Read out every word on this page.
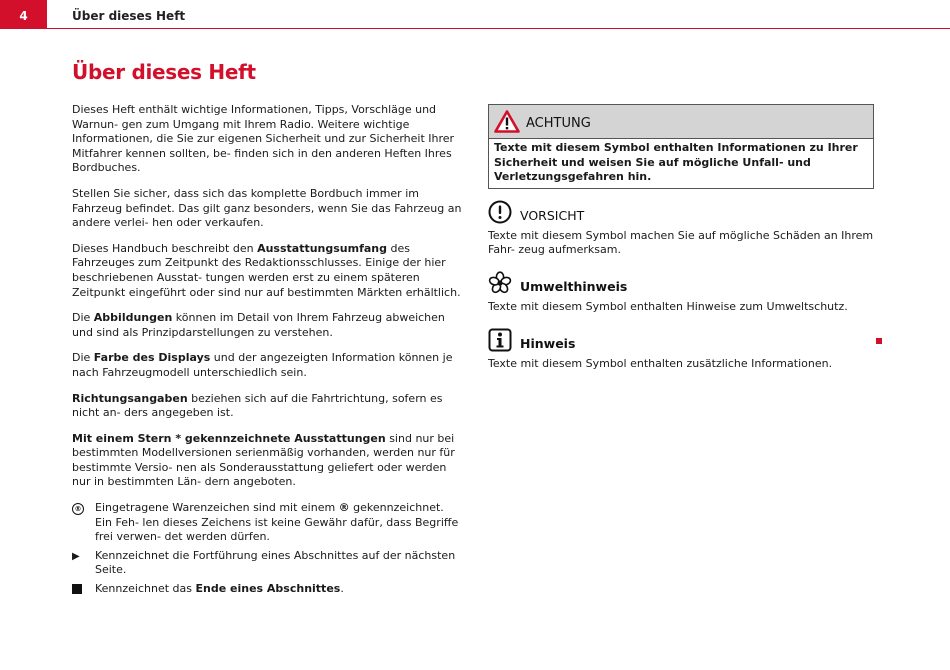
4	Über dieses Heft
Über dieses Heft

Dieses Heft enthält wichtige Informationen, Tipps, Vorschläge und Warnun- gen zum Umgang mit Ihrem Radio. Weitere wichtige Informationen, die Sie zur eigenen Sicherheit und zur Sicherheit Ihrer Mitfahrer kennen sollten, be- finden sich in den anderen Heften Ihres Bordbuches.

Stellen Sie sicher, dass sich das komplette Bordbuch immer im Fahrzeug befindet. Das gilt ganz besonders, wenn Sie das Fahrzeug an andere verlei- hen oder verkaufen.

Dieses Handbuch beschreibt den Ausstattungsumfang des Fahrzeuges zum Zeitpunkt des Redaktionsschlusses. Einige der hier beschriebenen Ausstat- tungen werden erst zu einem späteren Zeitpunkt eingeführt oder sind nur auf bestimmten Märkten erhältlich.

Die Abbildungen können im Detail von Ihrem Fahrzeug abweichen und sind als Prinzipdarstellungen zu verstehen.

Die Farbe des Displays und der angezeigten Information können je nach Fahrzeugmodell unterschiedlich sein.

Richtungsangaben beziehen sich auf die Fahrtrichtung, sofern es nicht an- ders angegeben ist.

Mit einem Stern * gekennzeichnete Ausstattungen sind nur bei bestimmten Modellversionen serienmäßig vorhanden, werden nur für bestimmte Versio- nen als Sonderausstattung geliefert oder werden nur in bestimmten Län- dern angeboten.

® Eingetragene Warenzeichen sind mit einem ® gekennzeichnet. Ein Feh- len dieses Zeichens ist keine Gewähr dafür, dass Begriffe frei verwen- det werden dürfen.
▶ Kennzeichnet die Fortführung eines Abschnittes auf der nächsten Seite.
Kennzeichnet das Ende eines Abschnittes.
ACHTUNG
Texte mit diesem Symbol enthalten Informationen zu Ihrer Sicherheit und weisen Sie auf mögliche Unfall- und Verletzungsgefahren hin.
VORSICHT
Texte mit diesem Symbol machen Sie auf mögliche Schäden an Ihrem Fahr- zeug aufmerksam.
Umwelthinweis
Texte mit diesem Symbol enthalten Hinweise zum Umweltschutz.
Hinweis
Texte mit diesem Symbol enthalten zusätzliche Informationen.
